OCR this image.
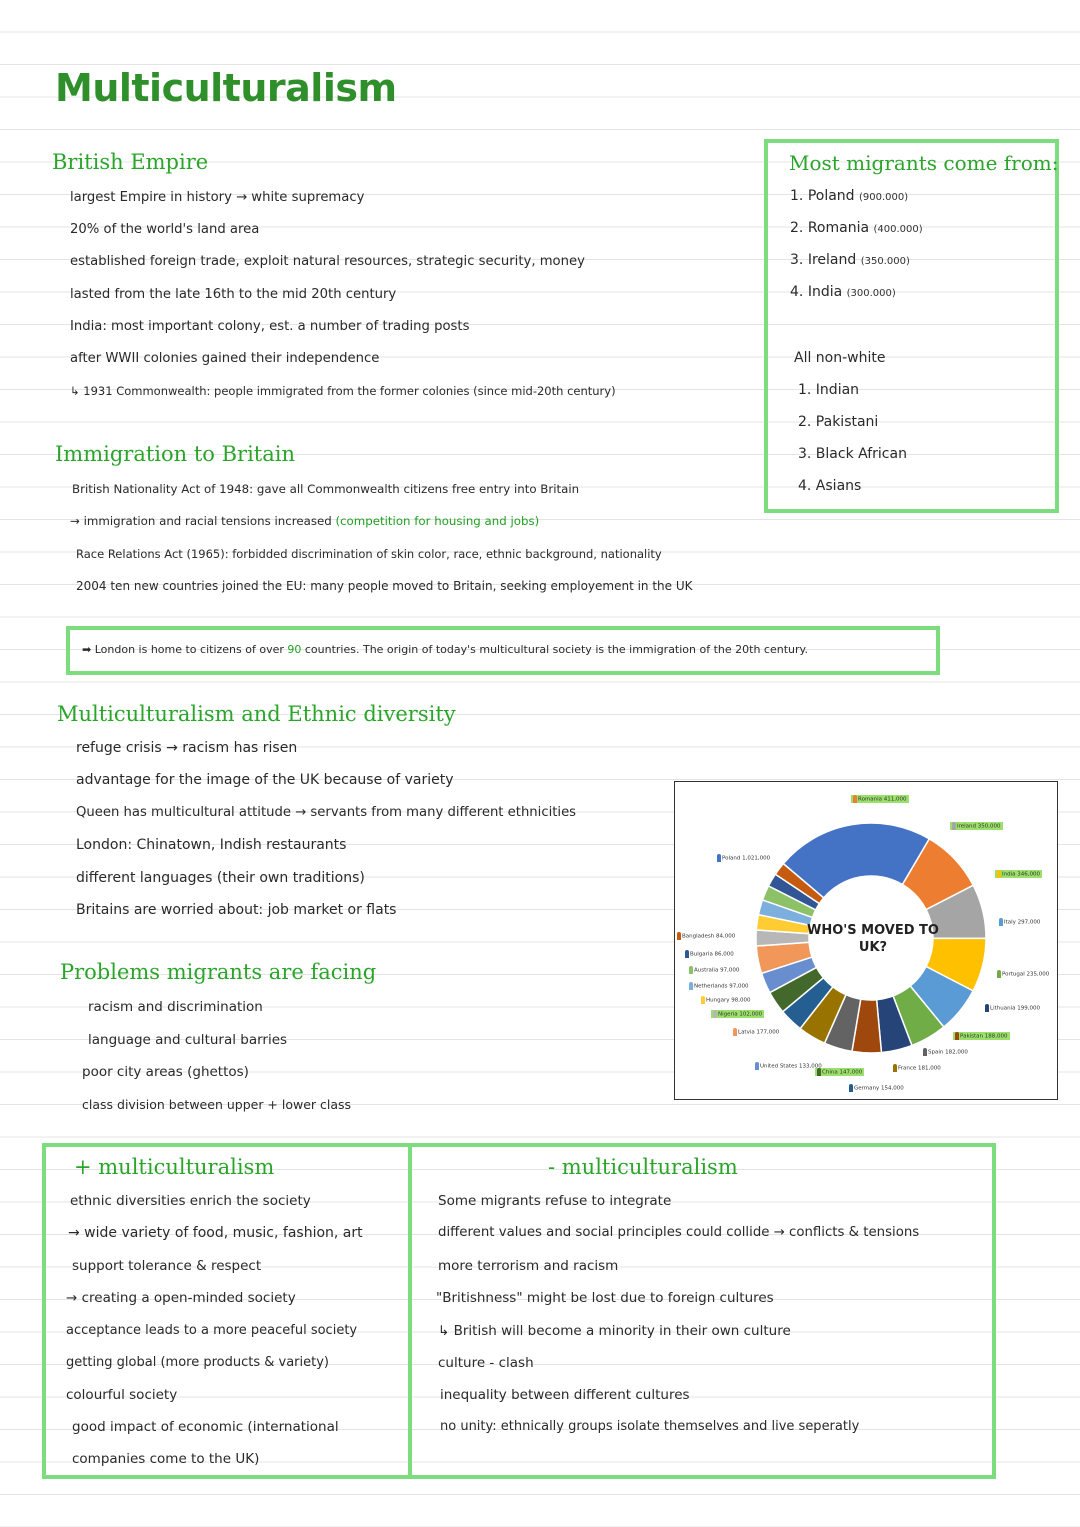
Multiculturalism
British Empire
largest Empire in history → white supremacy
20% of the world's land area
established foreign trade, exploit natural resources, strategic security, money
lasted from the late 16th to the mid 20th century
India: most important colony, est. a number of trading posts
after WWII colonies gained their independence
↳ 1931 Commonwealth: people immigrated from the former colonies (since mid-20th century)
Most migrants come from:
1. Poland (900.000)
2. Romania (400.000)
3. Ireland (350.000)
4. India (300.000)
All non-white
1. Indian
2. Pakistani
3. Black African
4. Asians
Immigration to Britain
British Nationality Act of 1948: gave all Commonwealth citizens free entry into Britain
→ immigration and racial tensions increased (competition for housing and jobs)
Race Relations Act (1965): forbidded discrimination of skin color, race, ethnic background, nationality
2004 ten new countries joined the EU: many people moved to Britain, seeking employement in the UK
➡ London is home to citizens of over 90 countries. The origin of today's multicultural society is the immigration of the 20th century.
Multiculturalism and Ethnic diversity
refuge crisis → racism has risen
advantage for the image of the UK because of variety
Queen has multicultural attitude → servants from many different ethnicities
London: Chinatown, Indish restaurants
different languages (their own traditions)
Britains are worried about: job market or flats
Problems migrants are facing
racism and discrimination
language and cultural barries
poor city areas (ghettos)
class division between upper + lower class
WHO'S MOVED TO UK?
Poland 1,021,000
Romania 411,000
Ireland 350,000
India 346,000
Italy 297,000
Portugal 235,000
Lithuania 199,000
Pakistan 188,000
Spain 182,000
France 181,000
Germany 154,000
China 147,000
United States 133,000
Latvia 177,000
Nigeria 102,000
Hungary 98,000
Netherlands 97,000
Australia 97,000
Bulgaria 86,000
Bangladesh 84,000
+ multiculturalism
ethnic diversities enrich the society
→ wide variety of food, music, fashion, art
support tolerance & respect
→ creating a open-minded society
acceptance leads to a more peaceful society
getting global (more products & variety)
colourful society
good impact of economic (international
companies come to the UK)
- multiculturalism
Some migrants refuse to integrate
different values and social principles could collide → conflicts & tensions
more terrorism and racism
"Britishness" might be lost due to foreign cultures
↳ British will become a minority in their own culture
culture - clash
inequality between different cultures
no unity: ethnically groups isolate themselves and live seperatly
